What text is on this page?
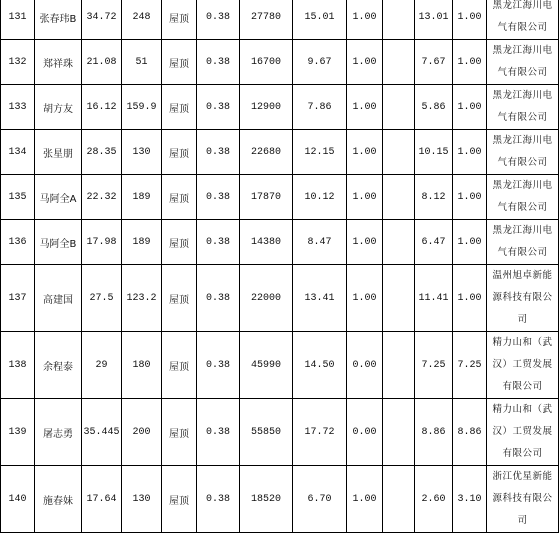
131	张春玮B	34.72	248	屋顶	0.38	27780	15.01	1.00		13.01	1.00	黑龙江海川电气有限公司
132	郑祥珠	21.08	51	屋顶	0.38	16700	9.67	1.00		7.67	1.00	黑龙江海川电气有限公司
133	胡方友	16.12	159.9	屋顶	0.38	12900	7.86	1.00		5.86	1.00	黑龙江海川电气有限公司
134	张星朋	28.35	130	屋顶	0.38	22680	12.15	1.00		10.15	1.00	黑龙江海川电气有限公司
135	马阿全A	22.32	189	屋顶	0.38	17870	10.12	1.00		8.12	1.00	黑龙江海川电气有限公司
136	马阿全B	17.98	189	屋顶	0.38	14380	8.47	1.00		6.47	1.00	黑龙江海川电气有限公司
137	高建国	27.5	123.2	屋顶	0.38	22000	13.41	1.00		11.41	1.00	温州旭卓新能源科技有限公司
138	余程泰	29	180	屋顶	0.38	45990	14.50	0.00		7.25	7.25	精力山和（武汉）工贸发展有限公司
139	屠志勇	35.445	200	屋顶	0.38	55850	17.72	0.00		8.86	8.86	精力山和（武汉）工贸发展有限公司
140	施春妹	17.64	130	屋顶	0.38	18520	6.70	1.00		2.60	3.10	浙江优星新能源科技有限公司
